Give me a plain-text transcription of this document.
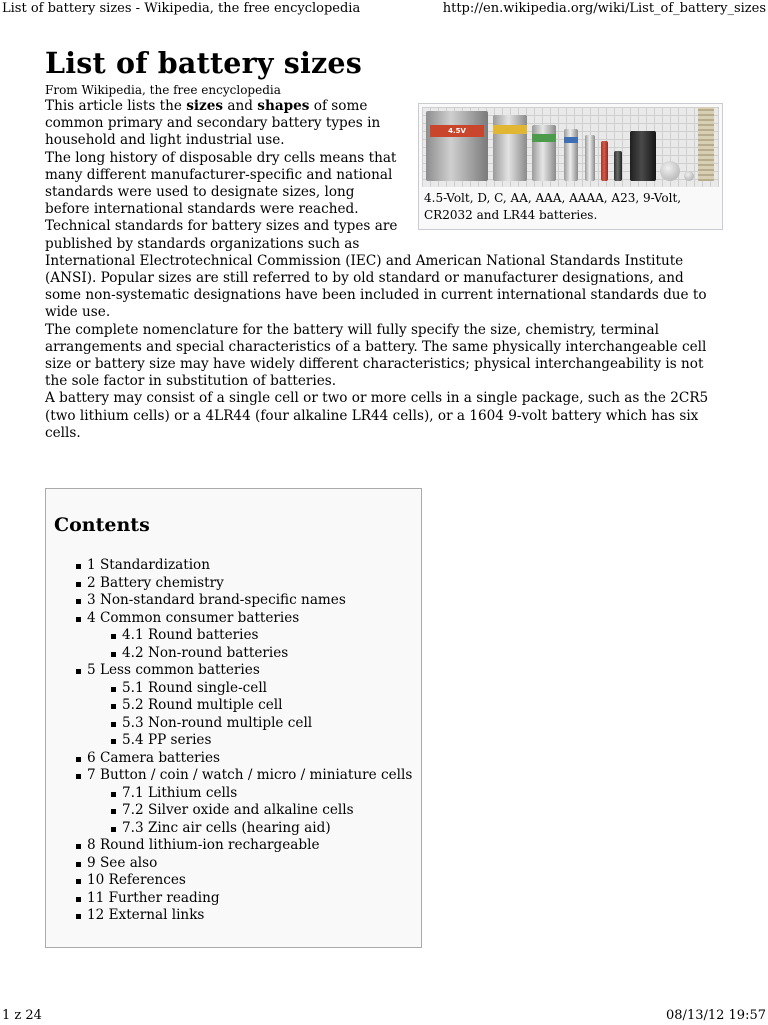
List of battery sizes - Wikipedia, the free encyclopedia	http://en.wikipedia.org/wiki/List_of_battery_sizes
List of battery sizes
From Wikipedia, the free encyclopedia
4.5V
4.5-Volt, D, C, AA, AAA, AAAA, A23, 9-Volt, CR2032 and LR44 batteries.

This article lists the sizes and shapes of some common primary and secondary battery types in household and light industrial use.

The long history of disposable dry cells means that many different manufacturer-specific and national standards were used to designate sizes, long before international standards were reached. Technical standards for battery sizes and types are published by standards organizations such as International Electrotechnical Commission (IEC) and American National Standards Institute (ANSI). Popular sizes are still referred to by old standard or manufacturer designations, and some non-systematic designations have been included in current international standards due to wide use.

The complete nomenclature for the battery will fully specify the size, chemistry, terminal arrangements and special characteristics of a battery. The same physically interchangeable cell size or battery size may have widely different characteristics; physical interchangeability is not the sole factor in substitution of batteries.

A battery may consist of a single cell or two or more cells in a single package, such as the 2CR5 (two lithium cells) or a 4LR44 (four alkaline LR44 cells), or a 1604 9-volt battery which has six cells.

Contents
1 Standardization
2 Battery chemistry
3 Non-standard brand-specific names
4 Common consumer batteries
4.1 Round batteries
4.2 Non-round batteries
5 Less common batteries
5.1 Round single-cell
5.2 Round multiple cell
5.3 Non-round multiple cell
5.4 PP series
6 Camera batteries
7 Button / coin / watch / micro / miniature cells
7.1 Lithium cells
7.2 Silver oxide and alkaline cells
7.3 Zinc air cells (hearing aid)
8 Round lithium-ion rechargeable
9 See also
10 References
11 Further reading
12 External links
1 z 24	08/13/12 19:57
